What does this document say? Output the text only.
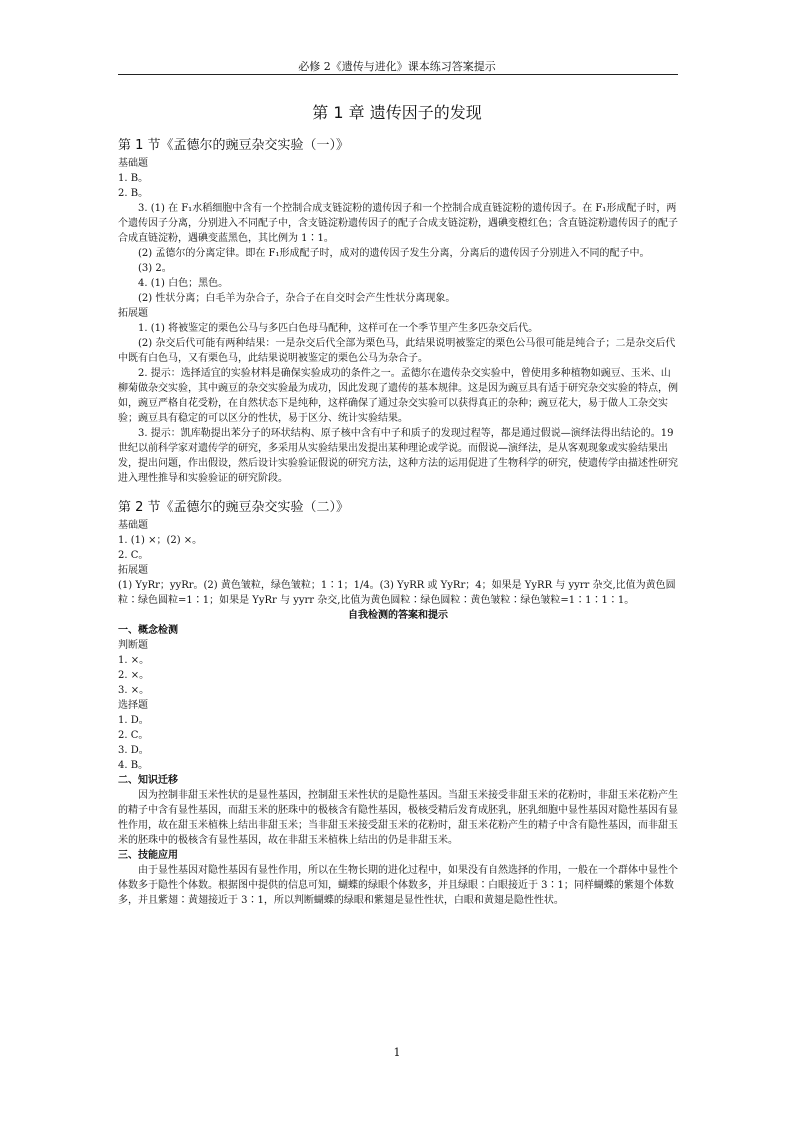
必修 2《遗传与进化》课本练习答案提示
第 1 章 遗传因子的发现
第 1 节《孟德尔的豌豆杂交实验（一）》

基础题

1. B。

2. B。

3. (1) 在 F₁水稻细胞中含有一个控制合成支链淀粉的遗传因子和一个控制合成直链淀粉的遗传因子。在 F₁形成配子时，两个遗传因子分离，分别进入不同配子中，含支链淀粉遗传因子的配子合成支链淀粉，遇碘变橙红色；含直链淀粉遗传因子的配子合成直链淀粉，遇碘变蓝黑色，其比例为 1∶1。

(2) 孟德尔的分离定律。即在 F₁形成配子时，成对的遗传因子发生分离，分离后的遗传因子分别进入不同的配子中。

(3) 2。

4. (1) 白色；黑色。

(2) 性状分离；白毛羊为杂合子，杂合子在自交时会产生性状分离现象。

拓展题

1. (1) 将被鉴定的栗色公马与多匹白色母马配种，这样可在一个季节里产生多匹杂交后代。

(2) 杂交后代可能有两种结果：一是杂交后代全部为栗色马，此结果说明被鉴定的栗色公马很可能是纯合子；二是杂交后代中既有白色马，又有栗色马，此结果说明被鉴定的栗色公马为杂合子。

2. 提示：选择适宜的实验材料是确保实验成功的条件之一。孟德尔在遗传杂交实验中，曾使用多种植物如豌豆、玉米、山柳菊做杂交实验，其中豌豆的杂交实验最为成功，因此发现了遗传的基本规律。这是因为豌豆具有适于研究杂交实验的特点，例如，豌豆严格自花受粉，在自然状态下是纯种，这样确保了通过杂交实验可以获得真正的杂种；豌豆花大，易于做人工杂交实验；豌豆具有稳定的可以区分的性状，易于区分、统计实验结果。

3. 提示：凯库勒提出苯分子的环状结构、原子核中含有中子和质子的发现过程等，都是通过假说—演绎法得出结论的。19 世纪以前科学家对遗传学的研究，多采用从实验结果出发提出某种理论或学说。而假说—演绎法，是从客观现象或实验结果出发，提出问题，作出假设，然后设计实验验证假说的研究方法，这种方法的运用促进了生物科学的研究，使遗传学由描述性研究进入理性推导和实验验证的研究阶段。

第 2 节《孟德尔的豌豆杂交实验（二）》

基础题

1. (1) ×；(2) ×。

2. C。

拓展题

(1) YyRr；yyRr。(2) 黄色皱粒，绿色皱粒；1∶1；1/4。(3) YyRR 或 YyRr；4；如果是 YyRR 与 yyrr 杂交,比值为黄色圆粒∶绿色圆粒=1∶1；如果是 YyRr 与 yyrr 杂交,比值为黄色圆粒∶绿色圆粒∶黄色皱粒∶绿色皱粒=1∶1∶1∶1。

自我检测的答案和提示

一、概念检测

判断题

1. ×。

2. ×。

3. ×。

选择题

1. D。

2. C。

3. D。

4. B。

二、知识迁移

因为控制非甜玉米性状的是显性基因，控制甜玉米性状的是隐性基因。当甜玉米接受非甜玉米的花粉时，非甜玉米花粉产生的精子中含有显性基因，而甜玉米的胚珠中的极核含有隐性基因，极核受精后发育成胚乳，胚乳细胞中显性基因对隐性基因有显性作用，故在甜玉米植株上结出非甜玉米；当非甜玉米接受甜玉米的花粉时，甜玉米花粉产生的精子中含有隐性基因，而非甜玉米的胚珠中的极核含有显性基因，故在非甜玉米植株上结出的仍是非甜玉米。

三、技能应用

由于显性基因对隐性基因有显性作用，所以在生物长期的进化过程中，如果没有自然选择的作用，一般在一个群体中显性个体数多于隐性个体数。根据图中提供的信息可知，蝴蝶的绿眼个体数多，并且绿眼∶白眼接近于 3∶1；同样蝴蝶的紫翅个体数多，并且紫翅∶黄翅接近于 3∶1，所以判断蝴蝶的绿眼和紫翅是显性性状，白眼和黄翅是隐性性状。

1
